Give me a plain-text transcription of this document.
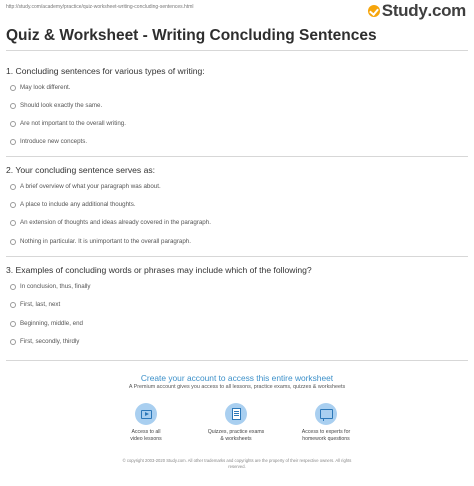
http://study.com/academy/practice/quiz-worksheet-writing-concluding-sentences.html	Study .com
Quiz & Worksheet - Writing Concluding Sentences
1. Concluding sentences for various types of writing:
May look different.
Should look exactly the same.
Are not important to the overall writing.
Introduce new concepts.
2. Your concluding sentence serves as:
A brief overview of what your paragraph was about.
A place to include any additional thoughts.
An extension of thoughts and ideas already covered in the paragraph.
Nothing in particular. It is unimportant to the overall paragraph.
3. Examples of concluding words or phrases may include which of the following?
In conclusion, thus, finally
First, last, next
Beginning, middle, end
First, secondly, thirdly
Create your account to access this entire worksheet
A Premium account gives you access to all lessons, practice exams, quizzes & worksheets
Access to all
video lessons
Quizzes, practice exams
& worksheets
Access to experts for
homework questions
© copyright 2003-2020 Study.com. All other trademarks and copyrights are the property of their respective owners. All rights
reserved.
